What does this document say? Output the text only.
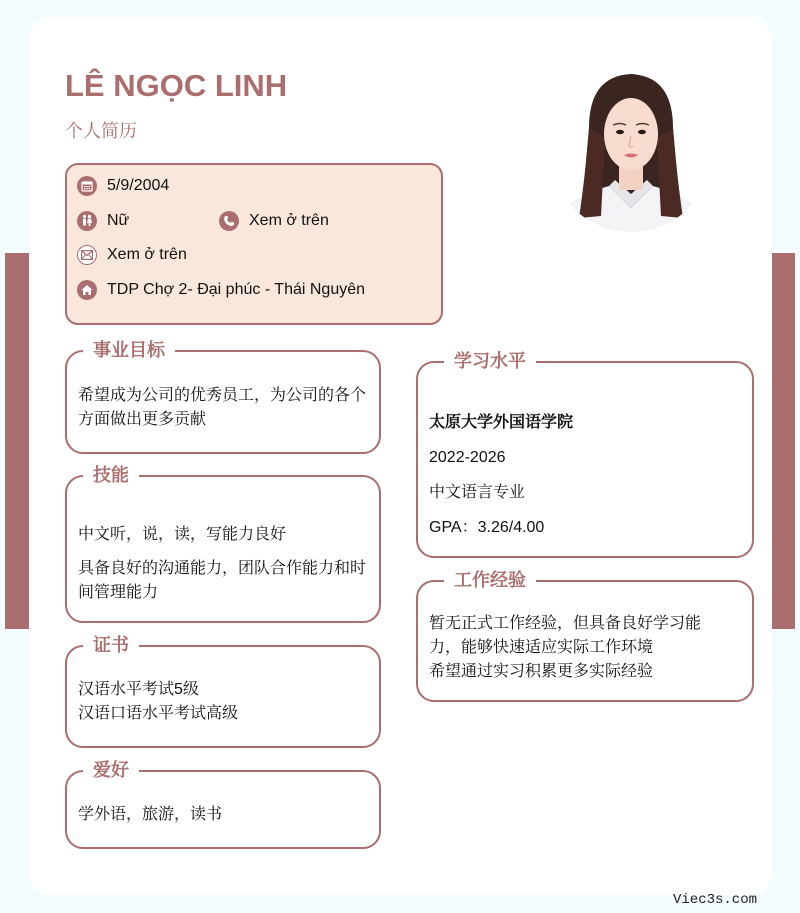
LÊ NGỌC LINH
个人简历
5/9/2004
Nữ	Xem ở trên
Xem ở trên
TDP Chợ 2- Đại phúc - Thái Nguyên
事业目标

希望成为公司的优秀员工，为公司的各个方面做出更多贡献

技能

中文听，说，读，写能力良好

具备良好的沟通能力，团队合作能力和时间管理能力

证书

汉语水平考试5级

汉语口语水平考试高级

爱好

学外语，旅游，读书

学习水平

太原大学外国语学院

2022-2026

中文语言专业

GPA：3.26/4.00

工作经验

暂无正式工作经验，但具备良好学习能力，能够快速适应实际工作环境

希望通过实习积累更多实际经验

Viec3s.com
